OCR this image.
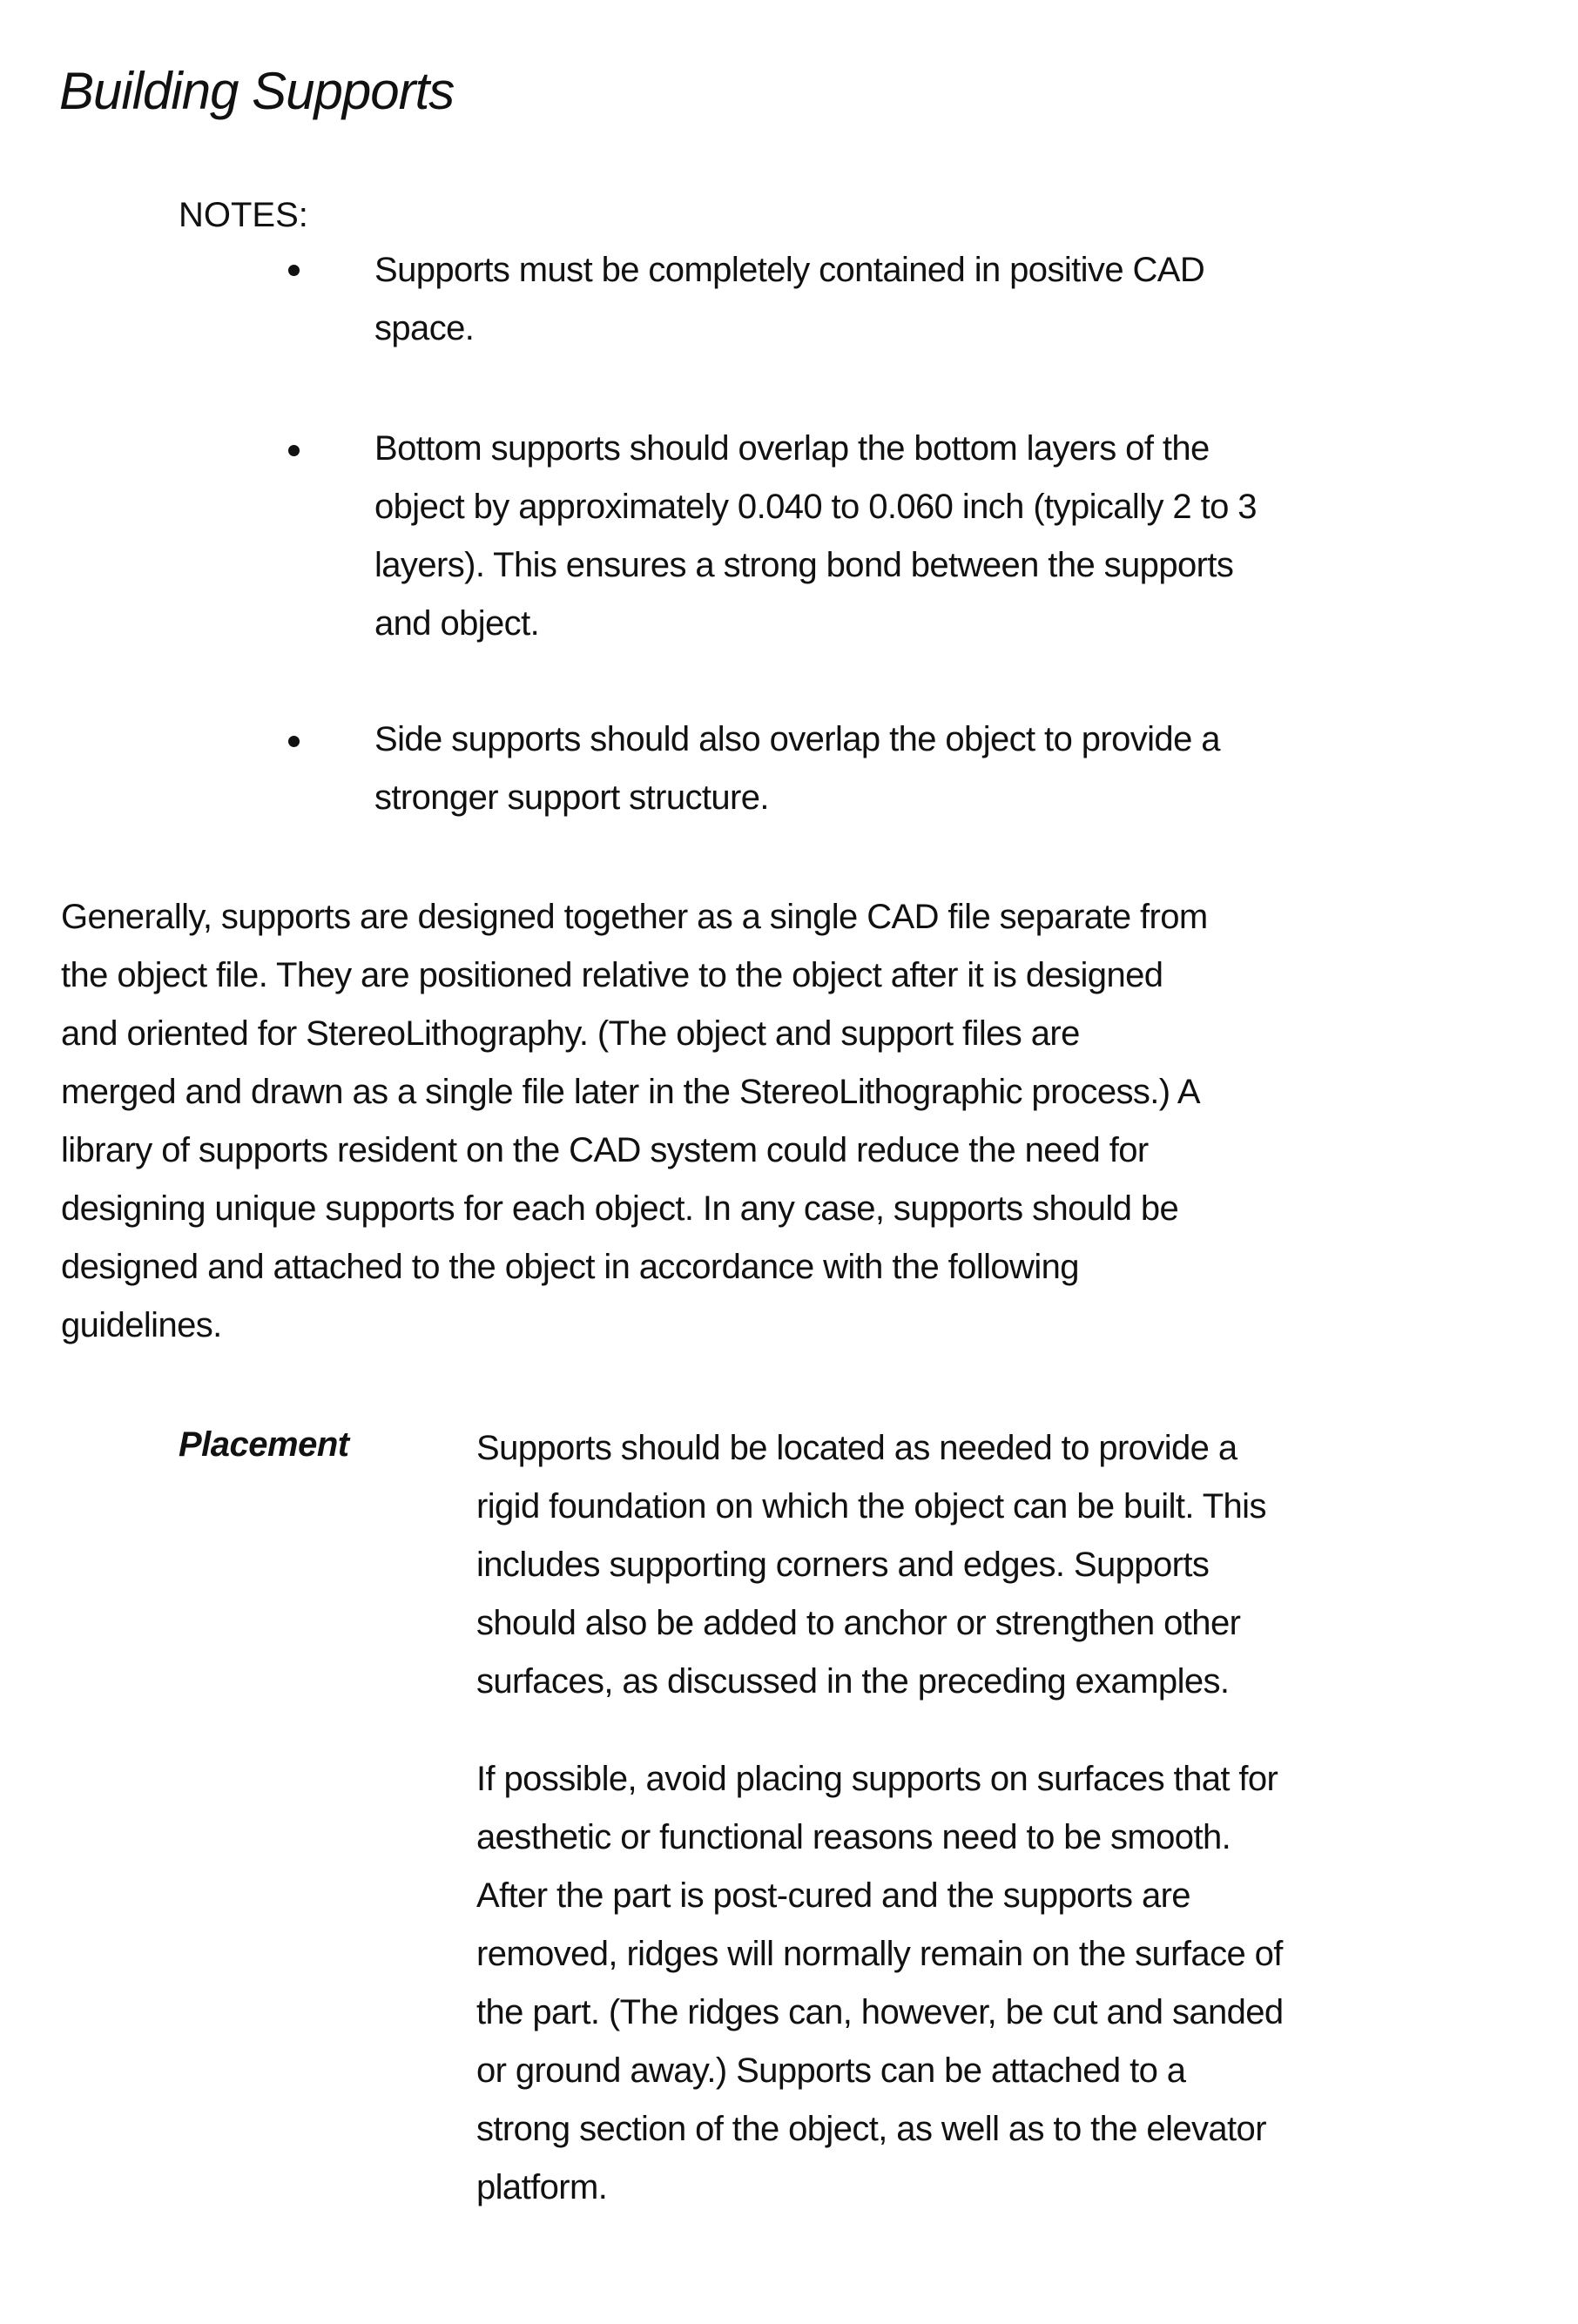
Building Supports
NOTES:
Supports must be completely contained in positive CAD
space.
Bottom supports should overlap the bottom layers of the
object by approximately 0.040 to 0.060 inch (typically 2 to 3
layers). This ensures a strong bond between the supports
and object.
Side supports should also overlap the object to provide a
stronger support structure.
Generally, supports are designed together as a single CAD file separate from
the object file. They are positioned relative to the object after it is designed
and oriented for StereoLithography. (The object and support files are
merged and drawn as a single file later in the StereoLithographic process.) A
library of supports resident on the CAD system could reduce the need for
designing unique supports for each object. In any case, supports should be
designed and attached to the object in accordance with the following
guidelines.
Placement	Supports should be located as needed to provide a
rigid foundation on which the object can be built. This
includes supporting corners and edges. Supports
should also be added to anchor or strengthen other
surfaces, as discussed in the preceding examples.
If possible, avoid placing supports on surfaces that for
aesthetic or functional reasons need to be smooth.
After the part is post-cured and the supports are
removed, ridges will normally remain on the surface of
the part. (The ridges can, however, be cut and sanded
or ground away.) Supports can be attached to a
strong section of the object, as well as to the elevator
platform.
